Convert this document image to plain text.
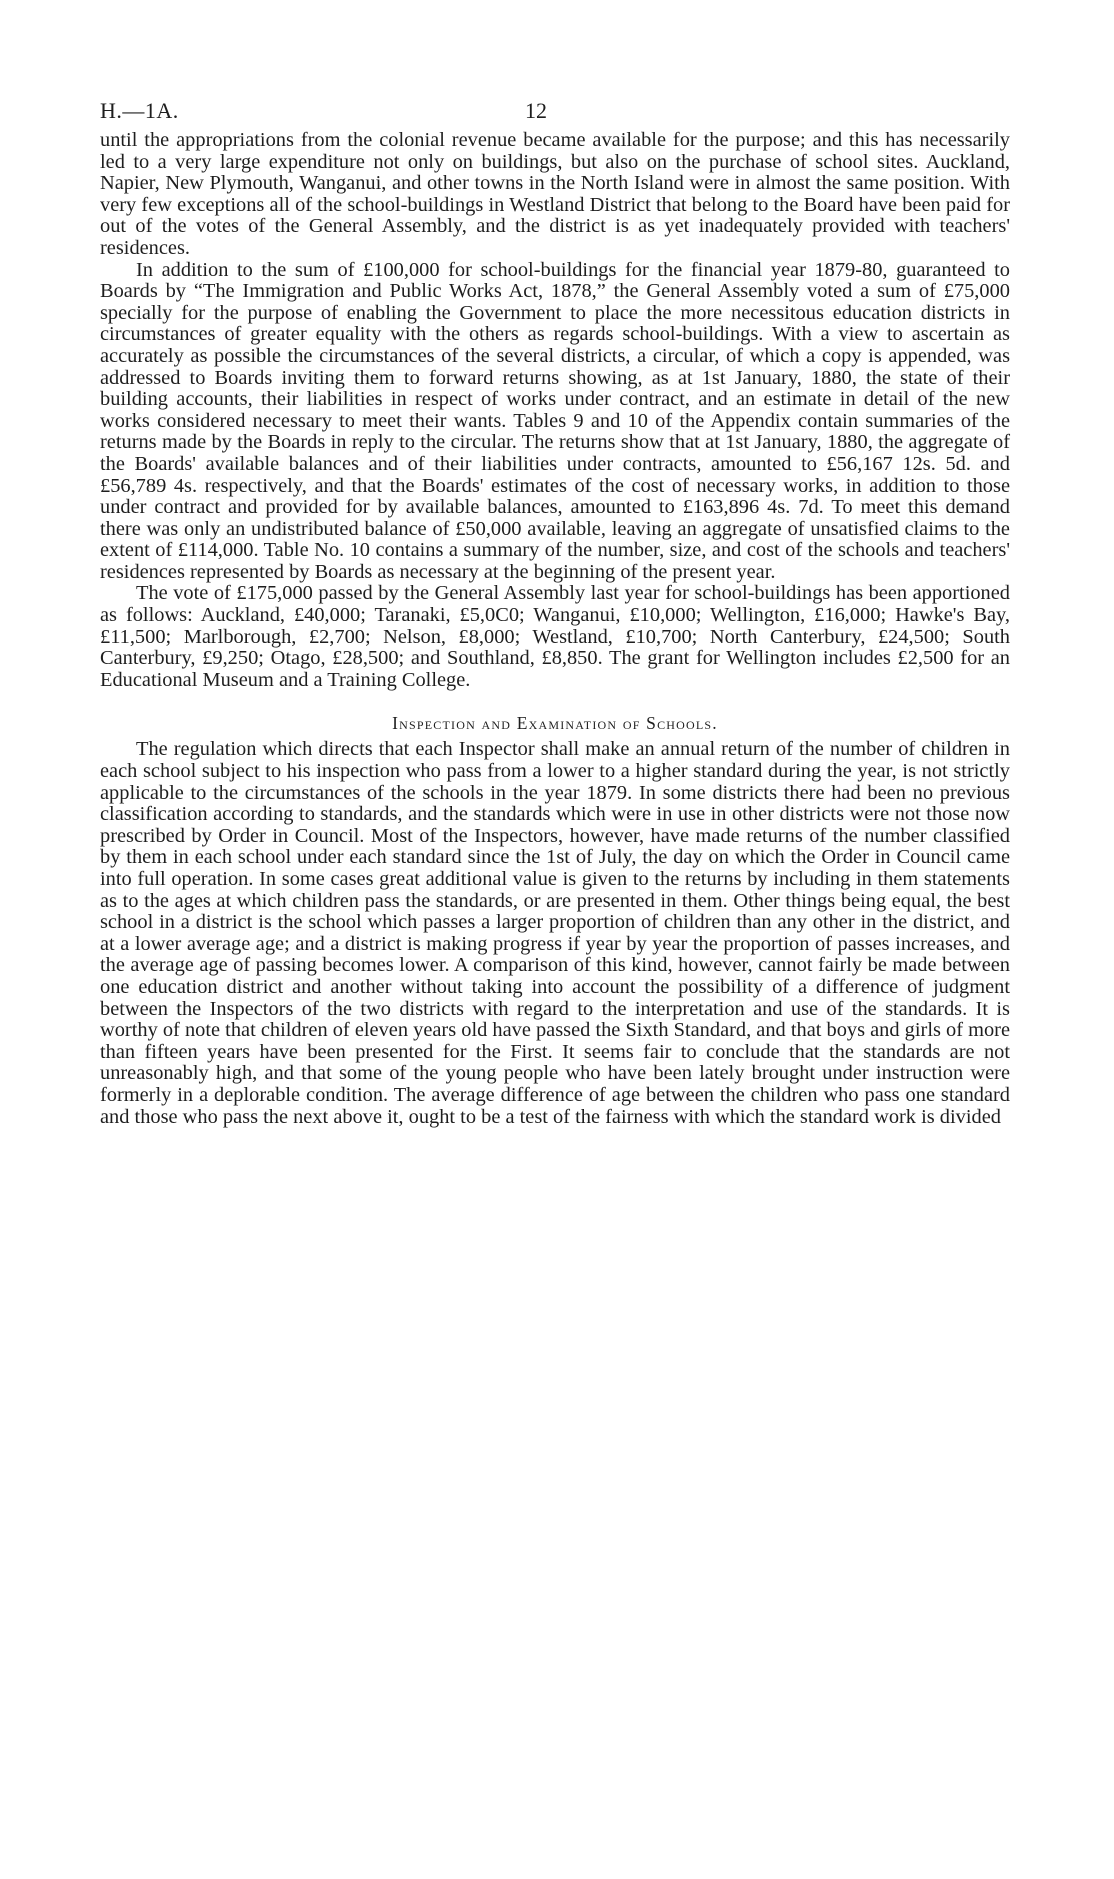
H.—1A.	12

until the appropriations from the colonial revenue became available for the purpose; and this has necessarily led to a very large expenditure not only on buildings, but also on the purchase of school sites. Auckland, Napier, New Plymouth, Wanganui, and other towns in the North Island were in almost the same position. With very few exceptions all of the school-buildings in Westland District that belong to the Board have been paid for out of the votes of the General Assembly, and the district is as yet inadequately provided with teachers' residences.

In addition to the sum of £100,000 for school-buildings for the financial year 1879-80, guaranteed to Boards by “The Immigration and Public Works Act, 1878,” the General Assembly voted a sum of £75,000 specially for the purpose of enabling the Government to place the more necessitous education districts in circumstances of greater equality with the others as regards school-buildings. With a view to ascertain as accurately as possible the circumstances of the several districts, a circular, of which a copy is appended, was addressed to Boards inviting them to forward returns showing, as at 1st January, 1880, the state of their building accounts, their liabilities in respect of works under contract, and an estimate in detail of the new works considered necessary to meet their wants. Tables 9 and 10 of the Appendix contain summaries of the returns made by the Boards in reply to the circular. The returns show that at 1st January, 1880, the aggregate of the Boards' available balances and of their liabilities under contracts, amounted to £56,167 12s. 5d. and £56,789 4s. respectively, and that the Boards' estimates of the cost of necessary works, in addition to those under contract and provided for by available balances, amounted to £163,896 4s. 7d. To meet this demand there was only an undistributed balance of £50,000 available, leaving an aggregate of unsatisfied claims to the extent of £114,000. Table No. 10 contains a summary of the number, size, and cost of the schools and teachers' residences represented by Boards as necessary at the beginning of the present year.

The vote of £175,000 passed by the General Assembly last year for school-buildings has been apportioned as follows: Auckland, £40,000; Taranaki, £5,0C0; Wanganui, £10,000; Wellington, £16,000; Hawke's Bay, £11,500; Marlborough, £2,700; Nelson, £8,000; Westland, £10,700; North Canterbury, £24,500; South Canterbury, £9,250; Otago, £28,500; and Southland, £8,850. The grant for Wellington includes £2,500 for an Educational Museum and a Training College.

Inspection and Examination of Schools.

The regulation which directs that each Inspector shall make an annual return of the number of children in each school subject to his inspection who pass from a lower to a higher standard during the year, is not strictly applicable to the circumstances of the schools in the year 1879. In some districts there had been no previous classification according to standards, and the standards which were in use in other districts were not those now prescribed by Order in Council. Most of the Inspectors, however, have made returns of the number classified by them in each school under each standard since the 1st of July, the day on which the Order in Council came into full operation. In some cases great additional value is given to the returns by including in them statements as to the ages at which children pass the standards, or are presented in them. Other things being equal, the best school in a district is the school which passes a larger proportion of children than any other in the district, and at a lower average age; and a district is making progress if year by year the proportion of passes increases, and the average age of passing becomes lower. A comparison of this kind, however, cannot fairly be made between one education district and another without taking into account the possibility of a difference of judgment between the Inspectors of the two districts with regard to the interpretation and use of the standards. It is worthy of note that children of eleven years old have passed the Sixth Standard, and that boys and girls of more than fifteen years have been presented for the First. It seems fair to conclude that the standards are not unreasonably high, and that some of the young people who have been lately brought under instruction were formerly in a deplorable condition. The average difference of age between the children who pass one standard and those who pass the next above it, ought to be a test of the fairness with which the standard work is divided
